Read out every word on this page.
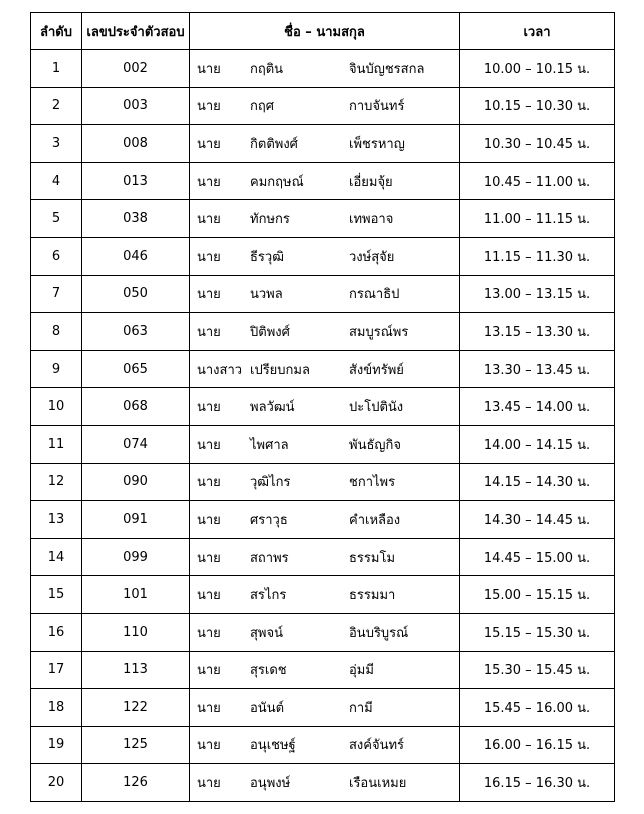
ลำดับ	เลขประจำตัวสอบ	ชื่อ – นามสกุล	เวลา
1	002	นาย กฤติน จินบัญชรสกล	10.00 – 10.15 น.
2	003	นาย กฤศ กาบจันทร์	10.15 – 10.30 น.
3	008	นาย กิตติพงศ์ เพ็ชรหาญ	10.30 – 10.45 น.
4	013	นาย คมกฤษณ์ เอี่ยมจุ้ย	10.45 – 11.00 น.
5	038	นาย ทักษกร เทพอาจ	11.00 – 11.15 น.
6	046	นาย ธีรวุฒิ วงษ์สุจัย	11.15 – 11.30 น.
7	050	นาย นวพล กรณาธิป	13.00 – 13.15 น.
8	063	นาย ปิติพงศ์ สมบูรณ์พร	13.15 – 13.30 น.
9	065	นางสาว เปรียบกมล สังข์ทรัพย์	13.30 – 13.45 น.
10	068	นาย พลวัฒน์ ปะโปตินัง	13.45 – 14.00 น.
11	074	นาย ไพศาล พันธัญกิจ	14.00 – 14.15 น.
12	090	นาย วุฒิไกร ชกาไพร	14.15 – 14.30 น.
13	091	นาย ศราวุธ คำเหลือง	14.30 – 14.45 น.
14	099	นาย สถาพร ธรรมโม	14.45 – 15.00 น.
15	101	นาย สรไกร ธรรมมา	15.00 – 15.15 น.
16	110	นาย สุพจน์ อินบริบูรณ์	15.15 – 15.30 น.
17	113	นาย สุรเดช อุ่มมี	15.30 – 15.45 น.
18	122	นาย อนันต์ กามี	15.45 – 16.00 น.
19	125	นาย อนุเชษฐ์ สงค์จันทร์	16.00 – 16.15 น.
20	126	นาย อนุพงษ์ เรือนเหมย	16.15 – 16.30 น.
